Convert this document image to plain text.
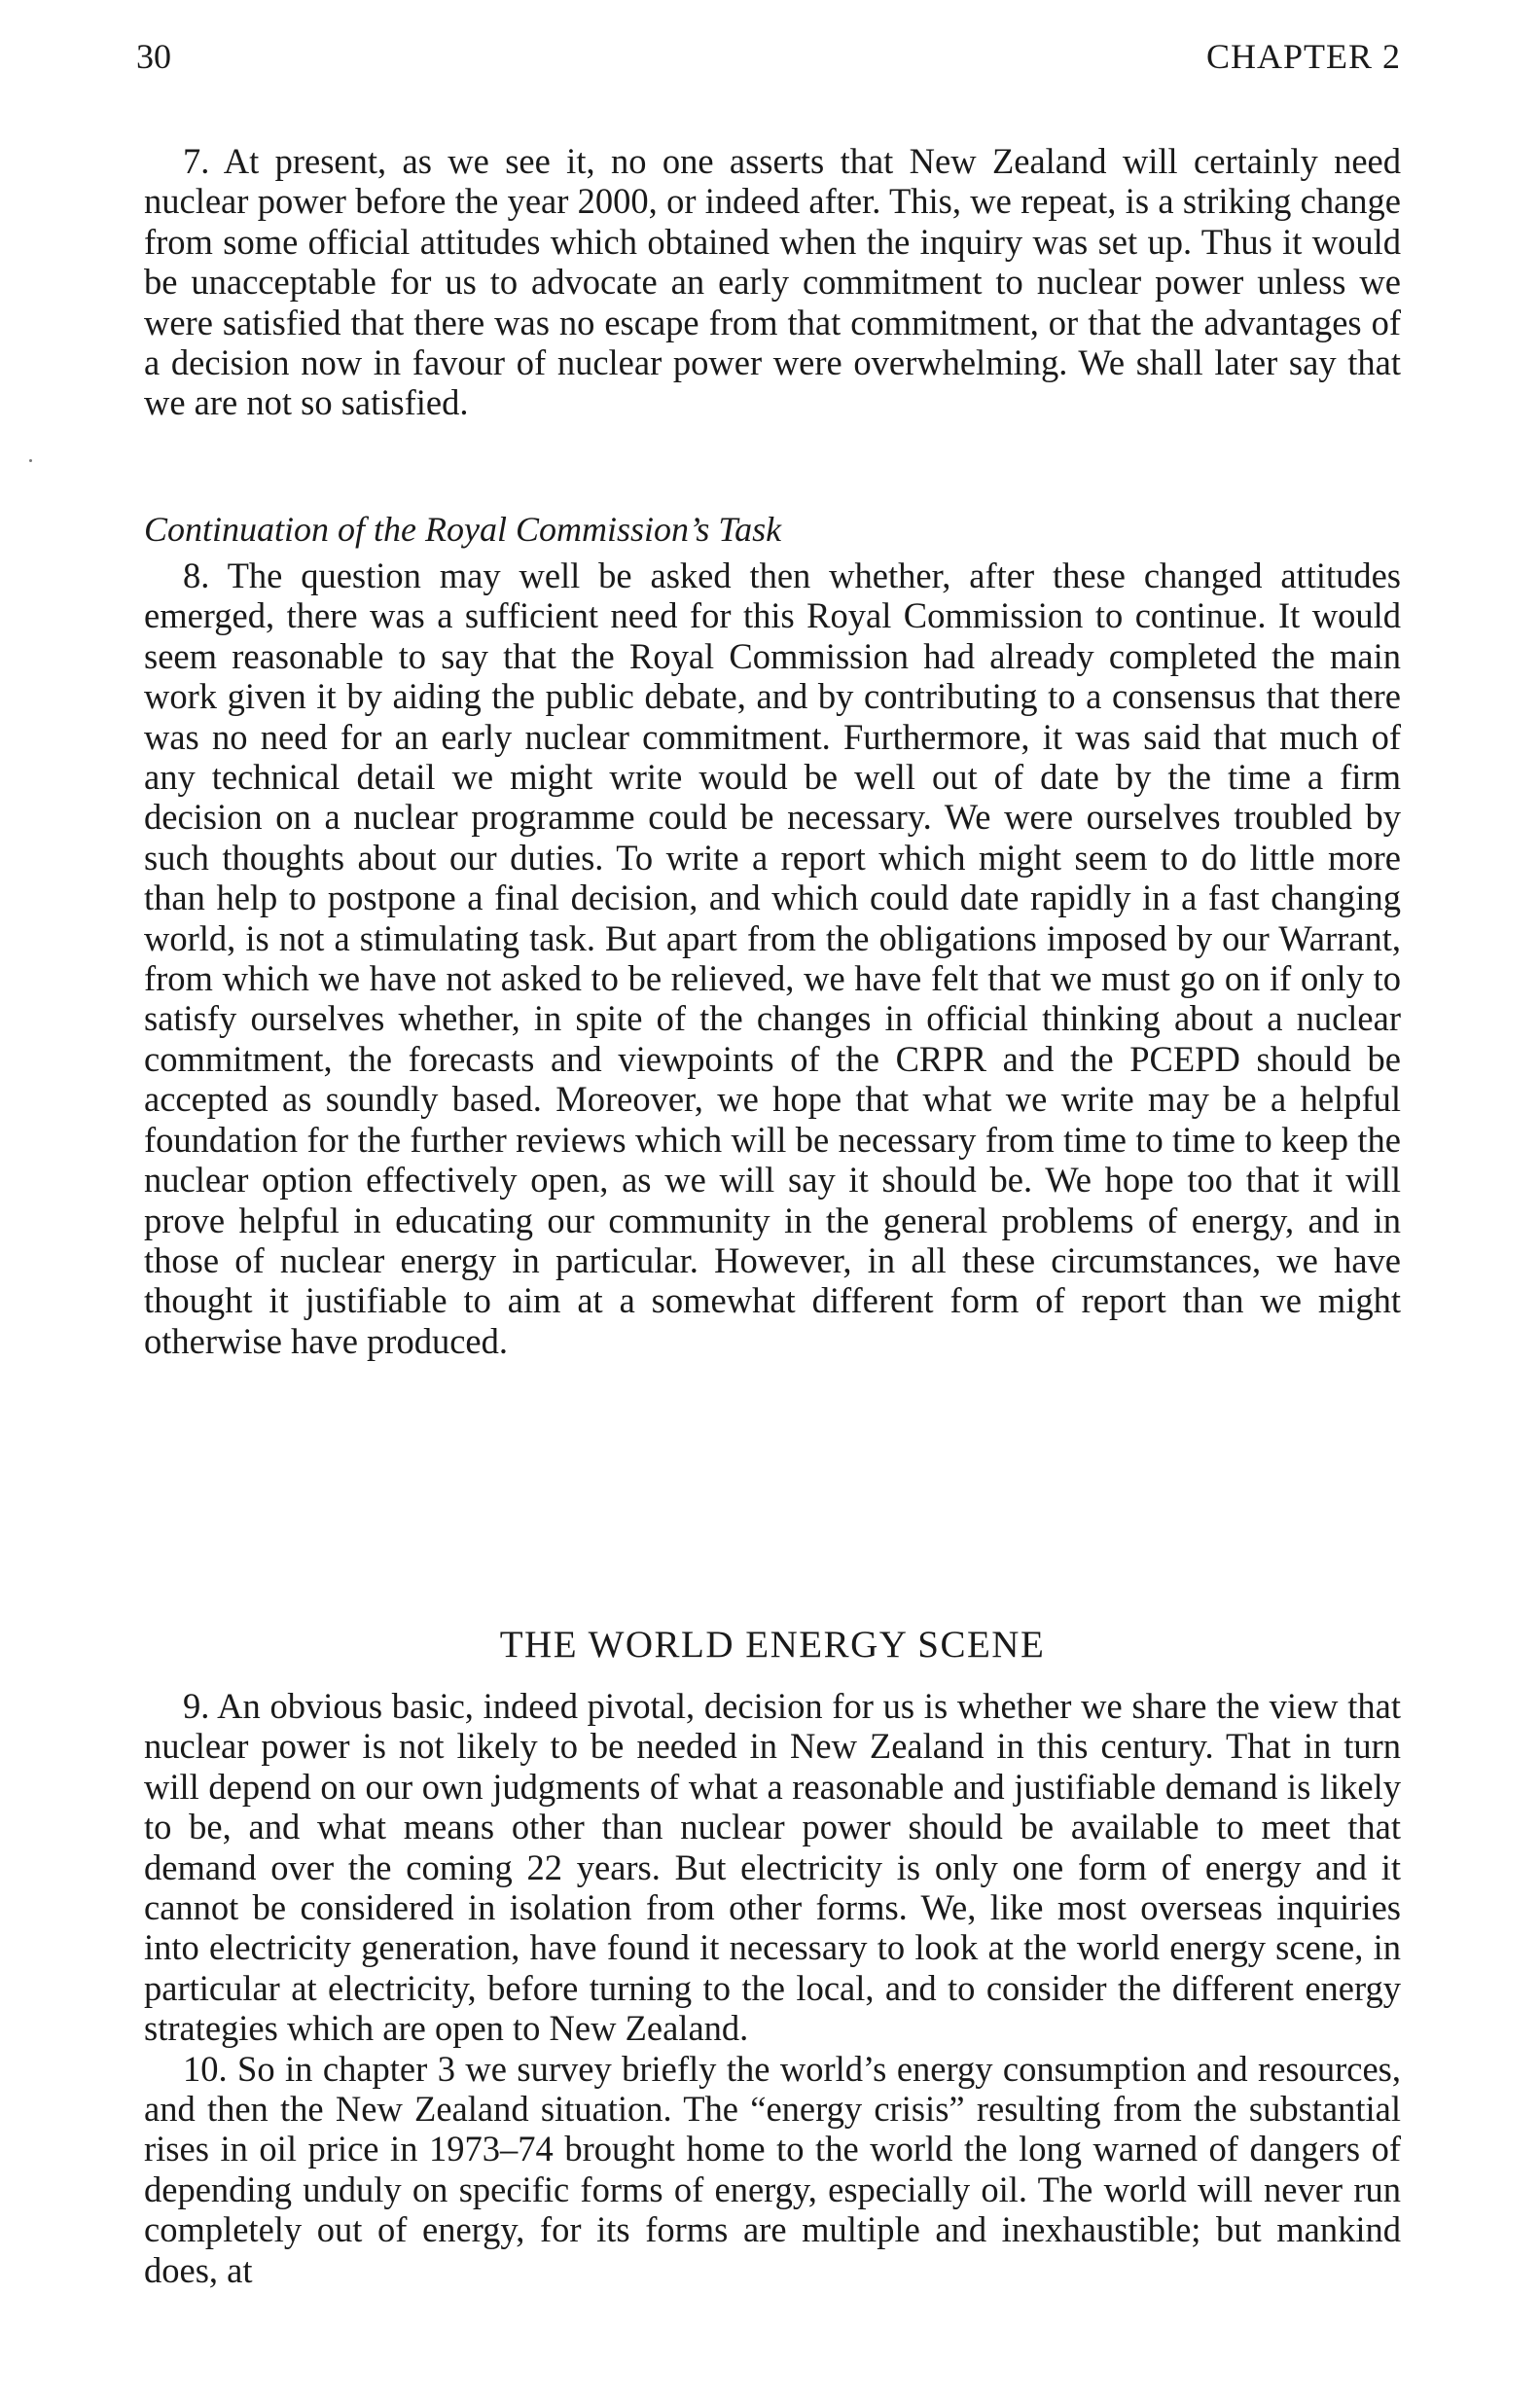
30	CHAPTER 2

7. At present, as we see it, no one asserts that New Zealand will certainly need nuclear power before the year 2000, or indeed after. This, we repeat, is a striking change from some official attitudes which obtained when the inquiry was set up. Thus it would be unacceptable for us to advocate an early commitment to nuclear power unless we were satisfied that there was no escape from that commitment, or that the advantages of a decision now in favour of nuclear power were overwhelming. We shall later say that we are not so satisfied.

Continuation of the Royal Commission’s Task

8. The question may well be asked then whether, after these changed attitudes emerged, there was a sufficient need for this Royal Commission to continue. It would seem reasonable to say that the Royal Commission had already completed the main work given it by aiding the public debate, and by contributing to a consensus that there was no need for an early nuclear commitment. Furthermore, it was said that much of any technical detail we might write would be well out of date by the time a firm decision on a nuclear programme could be necessary. We were ourselves troubled by such thoughts about our duties. To write a report which might seem to do little more than help to postpone a final decision, and which could date rapidly in a fast changing world, is not a stimulating task. But apart from the obligations imposed by our Warrant, from which we have not asked to be relieved, we have felt that we must go on if only to satisfy ourselves whether, in spite of the changes in official thinking about a nuclear commitment, the forecasts and viewpoints of the CRPR and the PCEPD should be accepted as soundly based. Moreover, we hope that what we write may be a helpful foundation for the further reviews which will be necessary from time to time to keep the nuclear option effectively open, as we will say it should be. We hope too that it will prove helpful in educating our community in the general problems of energy, and in those of nuclear energy in particular. However, in all these circumstances, we have thought it justifiable to aim at a somewhat different form of report than we might otherwise have produced.

THE WORLD ENERGY SCENE

9. An obvious basic, indeed pivotal, decision for us is whether we share the view that nuclear power is not likely to be needed in New Zealand in this century. That in turn will depend on our own judgments of what a reasonable and justifiable demand is likely to be, and what means other than nuclear power should be available to meet that demand over the coming 22 years. But electricity is only one form of energy and it cannot be considered in isolation from other forms. We, like most overseas inquiries into electricity generation, have found it necessary to look at the world energy scene, in particular at electricity, before turning to the local, and to consider the different energy strategies which are open to New Zealand.

10. So in chapter 3 we survey briefly the world’s energy consumption and resources, and then the New Zealand situation. The “energy crisis” resulting from the substantial rises in oil price in 1973–74 brought home to the world the long warned of dangers of depending unduly on specific forms of energy, especially oil. The world will never run completely out of energy, for its forms are multiple and inexhaustible; but mankind does, at
